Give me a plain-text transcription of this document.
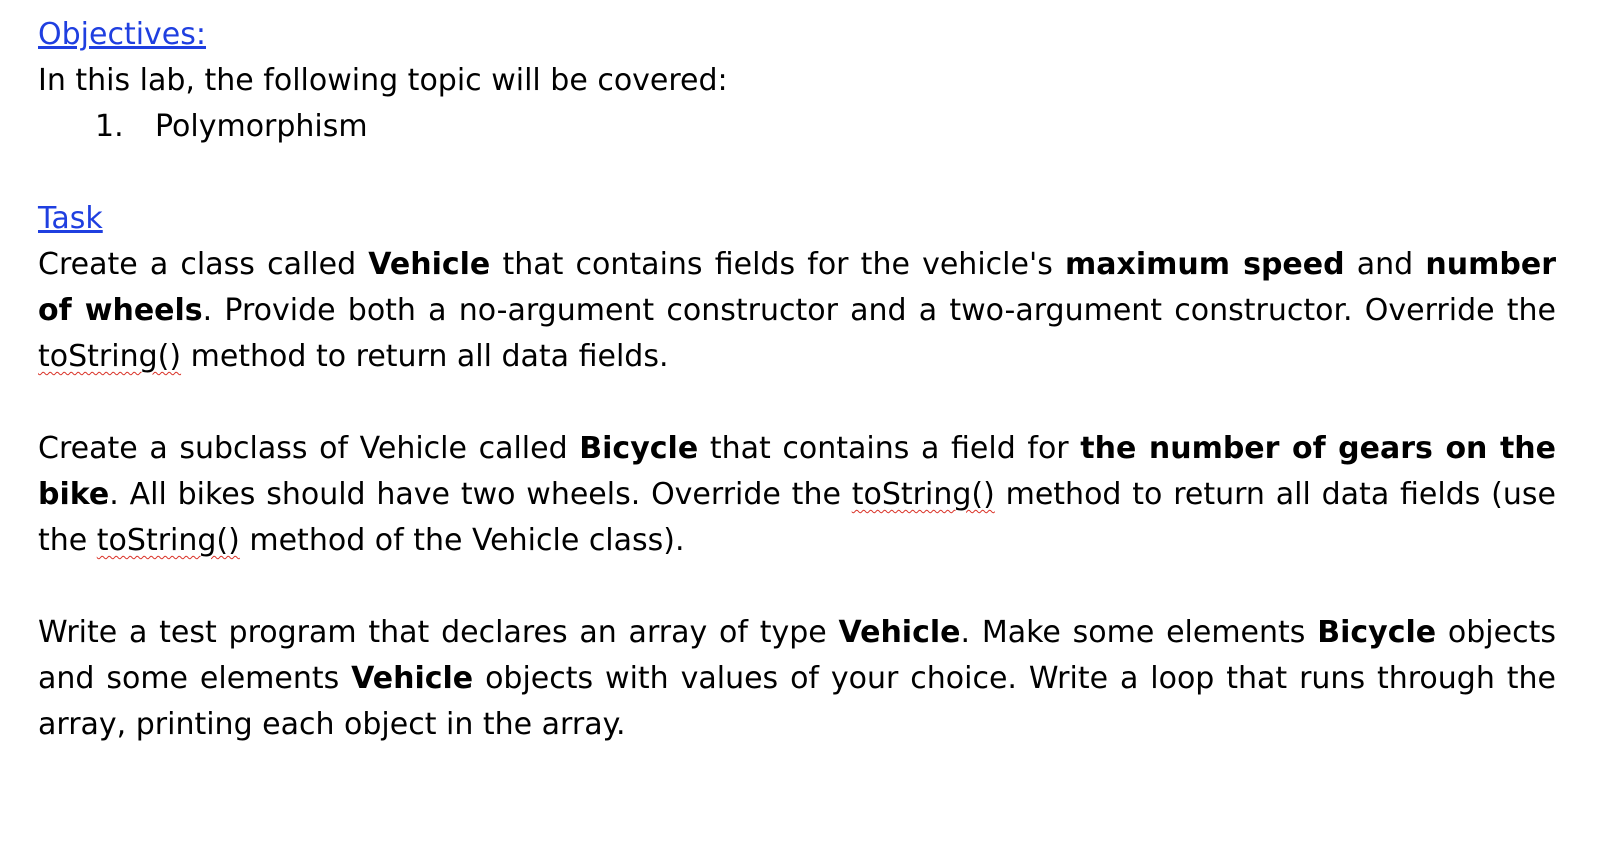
Objectives:

In this lab, the following topic will be covered:

1. Polymorphism
Task

Create a class called Vehicle that contains fields for the vehicle's maximum speed and number of wheels. Provide both a no-argument constructor and a two-argument constructor. Override the toString() method to return all data fields.

Create a subclass of Vehicle called Bicycle that contains a field for the number of gears on the bike. All bikes should have two wheels. Override the toString() method to return all data fields (use the toString() method of the Vehicle class).

Write a test program that declares an array of type Vehicle. Make some elements Bicycle objects and some elements Vehicle objects with values of your choice. Write a loop that runs through the array, printing each object in the array.
